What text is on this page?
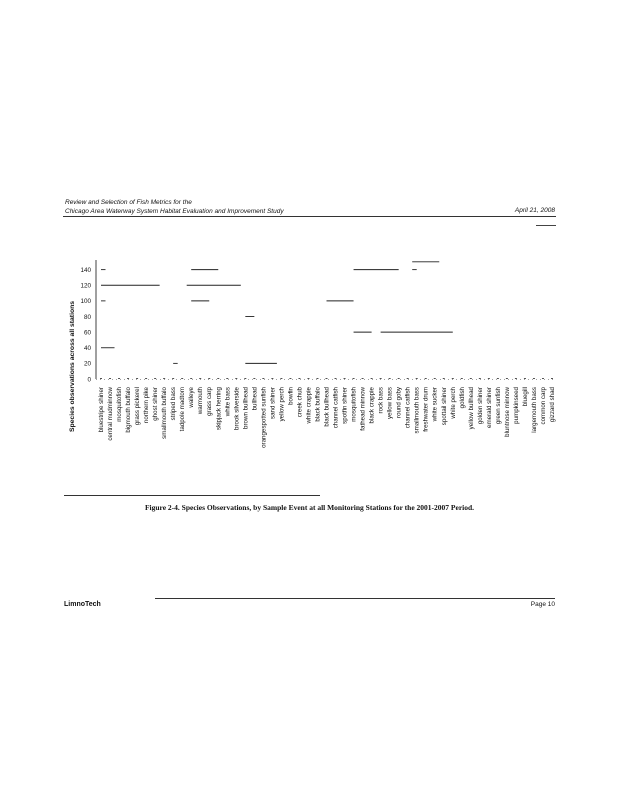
Review and Selection of Fish Metrics for the
Chicago Area Waterway System Habitat Evaluation and Improvement Study	April 21, 2008
0
20
40
60
80
100
120
140
Species observations across all stations	bluestripe shiner central mudminnow mosquitofish bigmouth buffalo grass pickerel northern pike ghost shiner smallmouth buffalo striped bass tadpole madtom walleye warmouth grass carp skipjack herring white bass brook silverside brown bullhead bullhead orangespotted sunfish sand shiner yellow perch bowfin creek chub white crappie black buffalo black bullhead channel catfish spotfin shiner mosquitofish fathead minnow black crappie rock bass yellow bass round goby channel catfish smallmouth bass freshwater drum white sucker spottail shiner white perch goldfish yellow bullhead golden shiner emerald shiner green sunfish bluntnose minnow pumpkinseed bluegill largemouth bass common carp gizzard shad
Figure 2-4. Species Observations, by Sample Event at all Monitoring Stations for the 2001-2007 Period.
LimnoTech	Page 10
